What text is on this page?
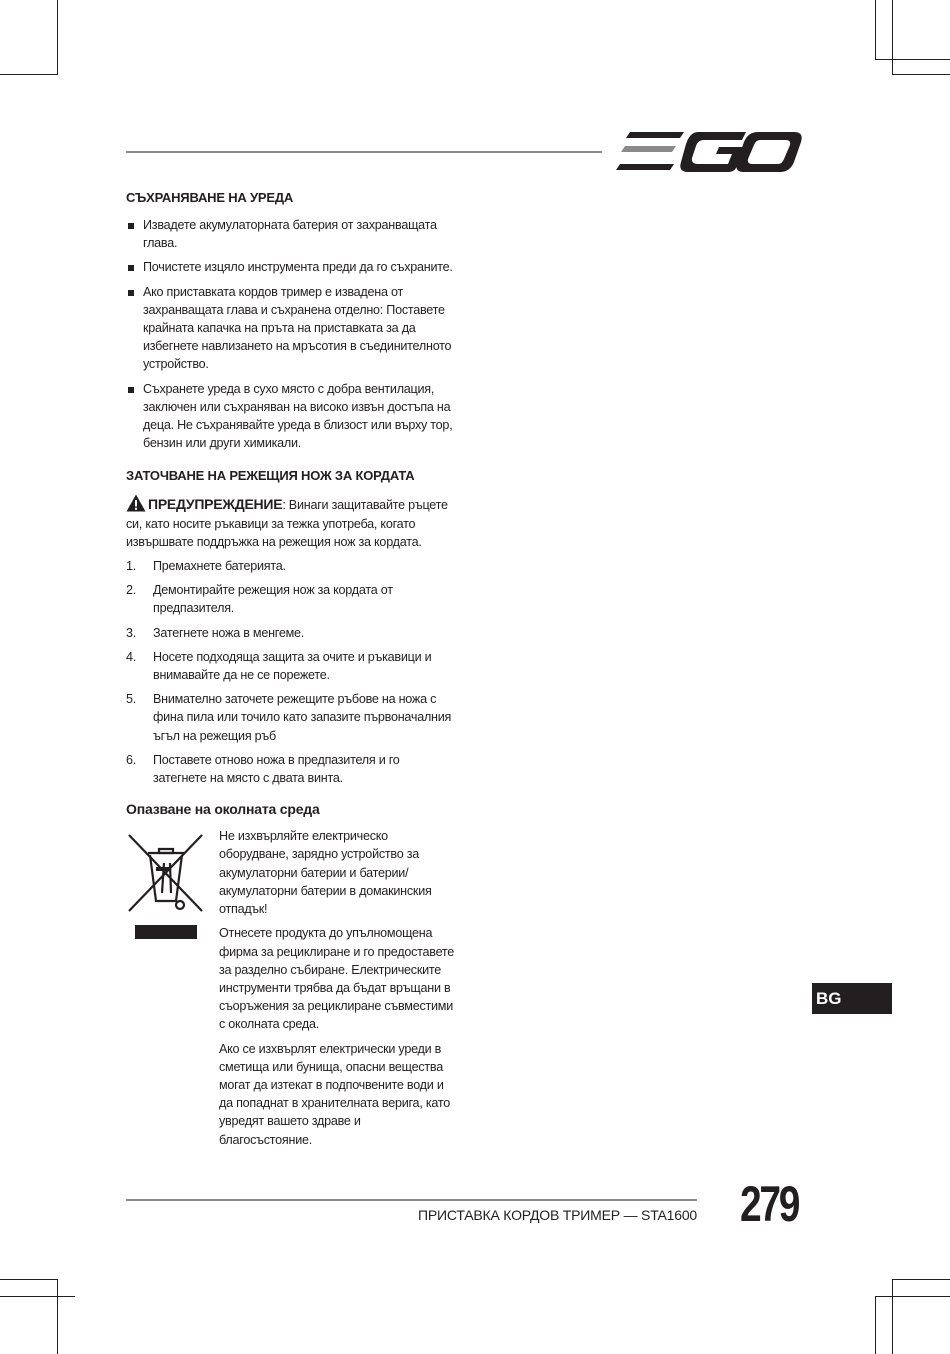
СЪХРАНЯВАНЕ НА УРЕДА
Извадете акумулаторната батерия от захранващата глава.
Почистете изцяло инструмента преди да го съхраните.
Ако приставката кордов тример е извадена от захранващата глава и съхранена отделно: Поставете крайната капачка на пръта на приставката за да избегнете навлизането на мръсотия в съединителното устройство.
Съхранете уреда в сухо място с добра вентилация, заключен или съхраняван на високо извън достъпа на деца. Не съхранявайте уреда в близост или върху тор, бензин или други химикали.
ЗАТОЧВАНЕ НА РЕЖЕЩИЯ НОЖ ЗА КОРДАТА

ПРЕДУПРЕЖДЕНИЕ: Винаги защитавайте ръцете си, като носите ръкавици за тежка употреба, когато извършвате поддръжка на режещия нож за кордата.

1. Премахнете батерията.
2. Демонтирайте режещия нож за кордата от предпазителя.
3. Затегнете ножа в менгеме.
4. Носете подходяща защита за очите и ръкавици и внимавайте да не се порежете.
5. Внимателно заточете режещите ръбове на ножа с фина пила или точило като запазите първоначалния ъгъл на режещия ръб
6. Поставете отново ножа в предпазителя и го затегнете на място с двата винта.
Опазване на околната среда

Не изхвърляйте електрическо оборудване, зарядно устройство за акумулаторни батерии и батерии/акумулаторни батерии в домакинския отпадък!

Отнесете продукта до упълномощена фирма за рециклиране и го предоставете за разделно събиране. Електрическите инструменти трябва да бъдат връщани в съоръжения за рециклиране съвместими с околната среда.

Ако се изхвърлят електрически уреди в сметища или бунища, опасни вещества могат да изтекат в подпочвените води и да попаднат в хранителната верига, като увредят вашето здраве и благосъстояние.

BG
ПРИСТАВКА КОРДОВ ТРИМЕР — STA1600 279
